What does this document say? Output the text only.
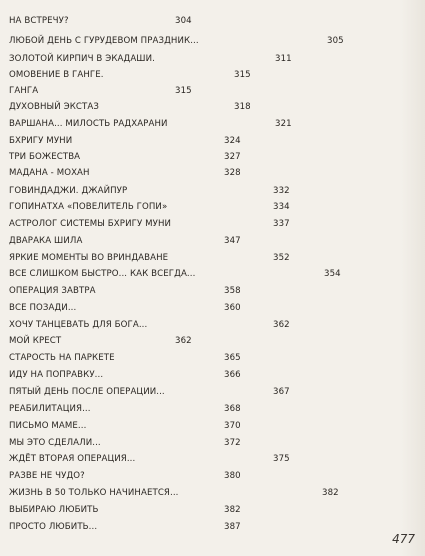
НА ВСТРЕЧУ?	304
ЛЮБОЙ ДЕНЬ С ГУРУДЕВОМ ПРАЗДНИК...	305
ЗОЛОТОЙ КИРПИЧ В ЭКАДАШИ.	311
ОМОВЕНИЕ В ГАНГЕ.	315
ГАНГА	315
ДУХОВНЫЙ ЭКСТАЗ	318
ВАРШАНА... МИЛОСТЬ РАДХАРАНИ	321
БХРИГУ МУНИ	324
ТРИ БОЖЕСТВА	327
МАДАНА - МОХАН	328
ГОВИНДАДЖИ. ДЖАЙПУР	332
ГОПИНАТХА «ПОВЕЛИТЕЛЬ ГОПИ»	334
АСТРОЛОГ СИСТЕМЫ БХРИГУ МУНИ	337
ДВАРАКА ШИЛА	347
ЯРКИЕ МОМЕНТЫ ВО ВРИНДАВАНЕ	352
ВСЕ СЛИШКОМ БЫСТРО... КАК ВСЕГДА...	354
ОПЕРАЦИЯ ЗАВТРА	358
ВСЕ ПОЗАДИ...	360
ХОЧУ ТАНЦЕВАТЬ ДЛЯ БОГА...	362
МОЙ КРЕСТ	362
СТАРОСТЬ НА ПАРКЕТЕ	365
ИДУ НА ПОПРАВКУ...	366
ПЯТЫЙ ДЕНЬ ПОСЛЕ ОПЕРАЦИИ...	367
РЕАБИЛИТАЦИЯ...	368
ПИСЬМО МАМЕ...	370
МЫ ЭТО СДЕЛАЛИ...	372
ЖДЁТ ВТОРАЯ ОПЕРАЦИЯ...	375
РАЗВЕ НЕ ЧУДО?	380
ЖИЗНЬ В 50 ТОЛЬКО НАЧИНАЕТСЯ...	382
ВЫБИРАЮ ЛЮБИТЬ	382
ПРОСТО ЛЮБИТЬ...	387
477
